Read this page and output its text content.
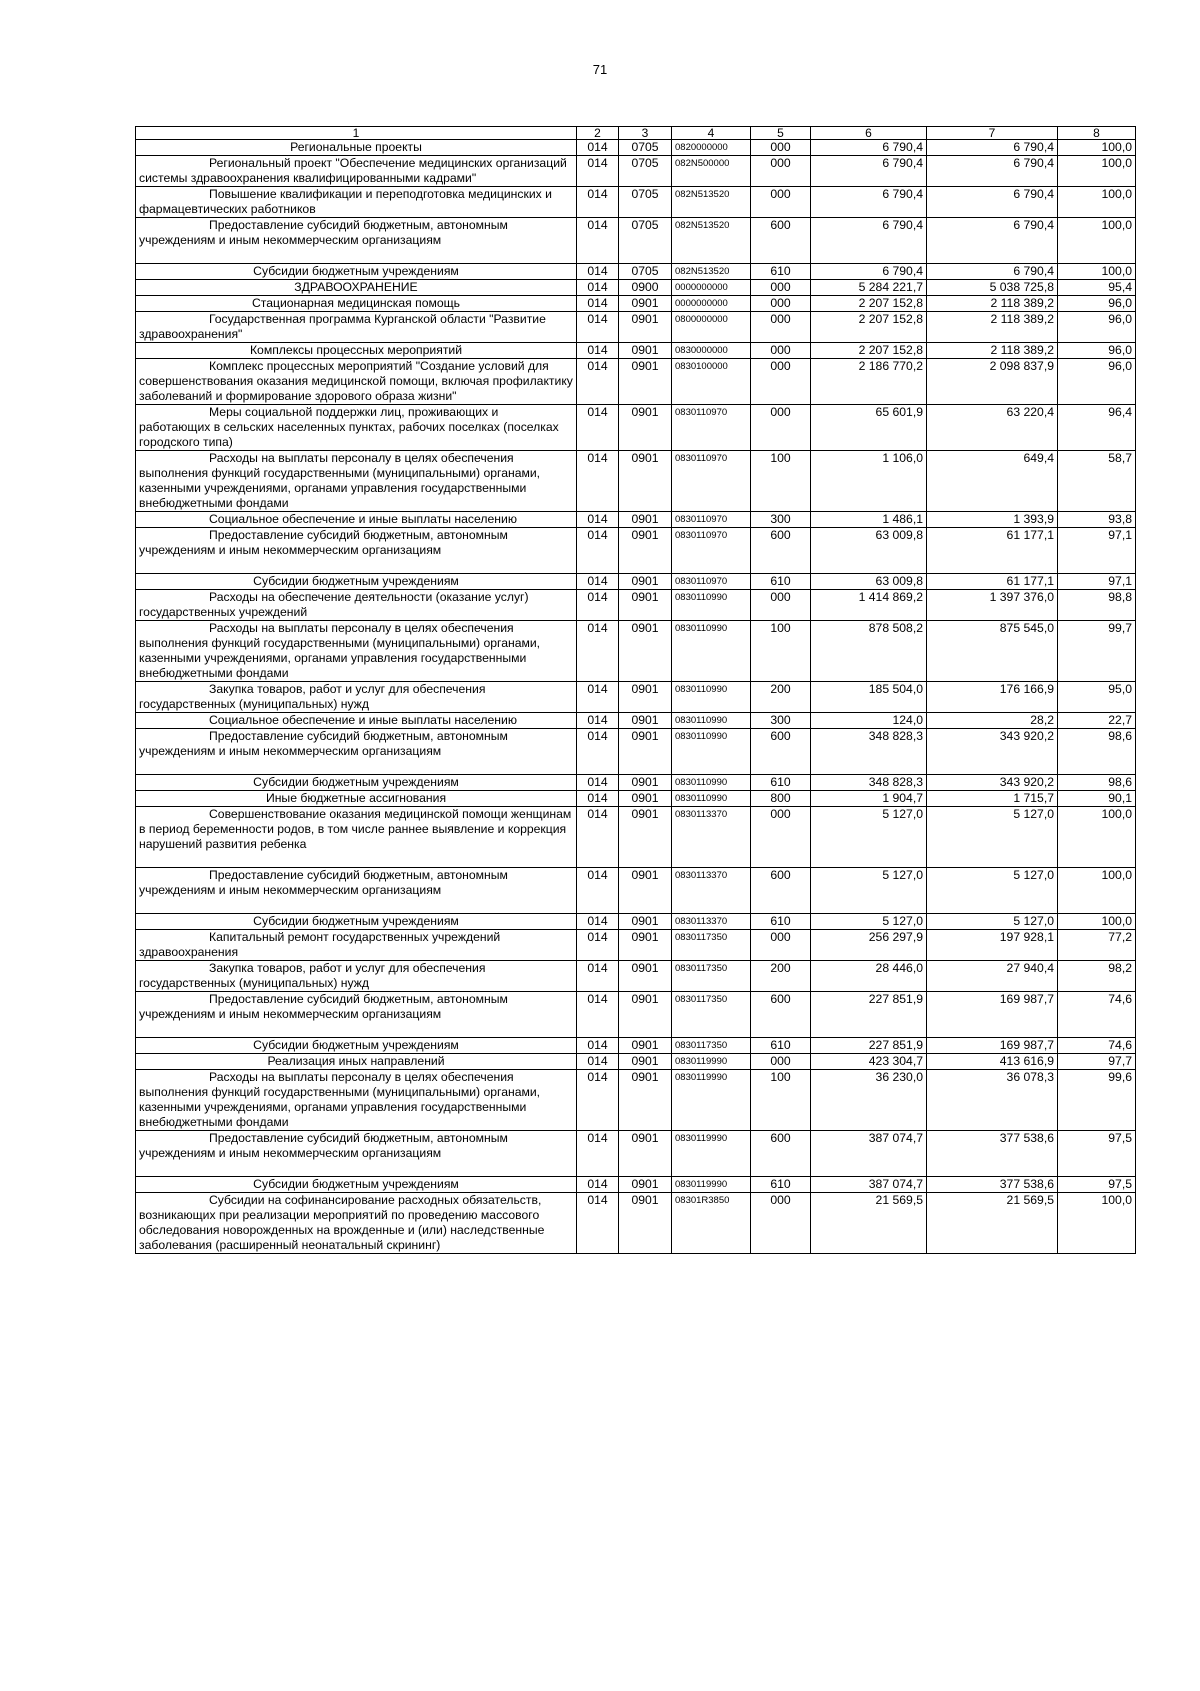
71
1	2	3	4	5	6	7	8

Региональные проекты	014	0705	0820000000	000	6 790,4	6 790,4	100,0

Региональный проект "Обеспечение медицинских организаций системы здравоохранения квалифицированными кадрами"	014	0705	082N500000	000	6 790,4	6 790,4	100,0

Повышение квалификации и переподготовка медицинских и фармацевтических работников	014	0705	082N513520	000	6 790,4	6 790,4	100,0

Предоставление субсидий бюджетным, автономным учреждениям и иным некоммерческим организациям	014	0705	082N513520	600	6 790,4	6 790,4	100,0

Субсидии бюджетным учреждениям	014	0705	082N513520	610	6 790,4	6 790,4	100,0

ЗДРАВООХРАНЕНИЕ	014	0900	0000000000	000	5 284 221,7	5 038 725,8	95,4

Стационарная медицинская помощь	014	0901	0000000000	000	2 207 152,8	2 118 389,2	96,0

Государственная программа Курганской области "Развитие здравоохранения"	014	0901	0800000000	000	2 207 152,8	2 118 389,2	96,0

Комплексы процессных мероприятий	014	0901	0830000000	000	2 207 152,8	2 118 389,2	96,0

Комплекс процессных мероприятий "Создание условий для совершенствования оказания медицинской помощи, включая профилактику заболеваний и формирование здорового образа жизни"	014	0901	0830100000	000	2 186 770,2	2 098 837,9	96,0

Меры социальной поддержки лиц, проживающих и работающих в сельских населенных пунктах, рабочих поселках (поселках городского типа)	014	0901	0830110970	000	65 601,9	63 220,4	96,4

Расходы на выплаты персоналу в целях обеспечения выполнения функций государственными (муниципальными) органами, казенными учреждениями, органами управления государственными внебюджетными фондами	014	0901	0830110970	100	1 106,0	649,4	58,7

Социальное обеспечение и иные выплаты населению	014	0901	0830110970	300	1 486,1	1 393,9	93,8

Предоставление субсидий бюджетным, автономным учреждениям и иным некоммерческим организациям	014	0901	0830110970	600	63 009,8	61 177,1	97,1

Субсидии бюджетным учреждениям	014	0901	0830110970	610	63 009,8	61 177,1	97,1

Расходы на обеспечение деятельности (оказание услуг) государственных учреждений	014	0901	0830110990	000	1 414 869,2	1 397 376,0	98,8

Расходы на выплаты персоналу в целях обеспечения выполнения функций государственными (муниципальными) органами, казенными учреждениями, органами управления государственными внебюджетными фондами	014	0901	0830110990	100	878 508,2	875 545,0	99,7

Закупка товаров, работ и услуг для обеспечения государственных (муниципальных) нужд	014	0901	0830110990	200	185 504,0	176 166,9	95,0

Социальное обеспечение и иные выплаты населению	014	0901	0830110990	300	124,0	28,2	22,7

Предоставление субсидий бюджетным, автономным учреждениям и иным некоммерческим организациям	014	0901	0830110990	600	348 828,3	343 920,2	98,6

Субсидии бюджетным учреждениям	014	0901	0830110990	610	348 828,3	343 920,2	98,6

Иные бюджетные ассигнования	014	0901	0830110990	800	1 904,7	1 715,7	90,1

Совершенствование оказания медицинской помощи женщинам в период беременности родов, в том числе раннее выявление и коррекция нарушений развития ребенка	014	0901	0830113370	000	5 127,0	5 127,0	100,0

Предоставление субсидий бюджетным, автономным учреждениям и иным некоммерческим организациям	014	0901	0830113370	600	5 127,0	5 127,0	100,0

Субсидии бюджетным учреждениям	014	0901	0830113370	610	5 127,0	5 127,0	100,0

Капитальный ремонт государственных учреждений здравоохранения	014	0901	0830117350	000	256 297,9	197 928,1	77,2

Закупка товаров, работ и услуг для обеспечения государственных (муниципальных) нужд	014	0901	0830117350	200	28 446,0	27 940,4	98,2

Предоставление субсидий бюджетным, автономным учреждениям и иным некоммерческим организациям	014	0901	0830117350	600	227 851,9	169 987,7	74,6

Субсидии бюджетным учреждениям	014	0901	0830117350	610	227 851,9	169 987,7	74,6

Реализация иных направлений	014	0901	0830119990	000	423 304,7	413 616,9	97,7

Расходы на выплаты персоналу в целях обеспечения выполнения функций государственными (муниципальными) органами, казенными учреждениями, органами управления государственными внебюджетными фондами	014	0901	0830119990	100	36 230,0	36 078,3	99,6

Предоставление субсидий бюджетным, автономным учреждениям и иным некоммерческим организациям	014	0901	0830119990	600	387 074,7	377 538,6	97,5

Субсидии бюджетным учреждениям	014	0901	0830119990	610	387 074,7	377 538,6	97,5

Субсидии на софинансирование расходных обязательств, возникающих при реализации мероприятий по проведению массового обследования новорожденных на врожденные и (или) наследственные заболевания (расширенный неонатальный скрининг)	014	0901	08301R3850	000	21 569,5	21 569,5	100,0
